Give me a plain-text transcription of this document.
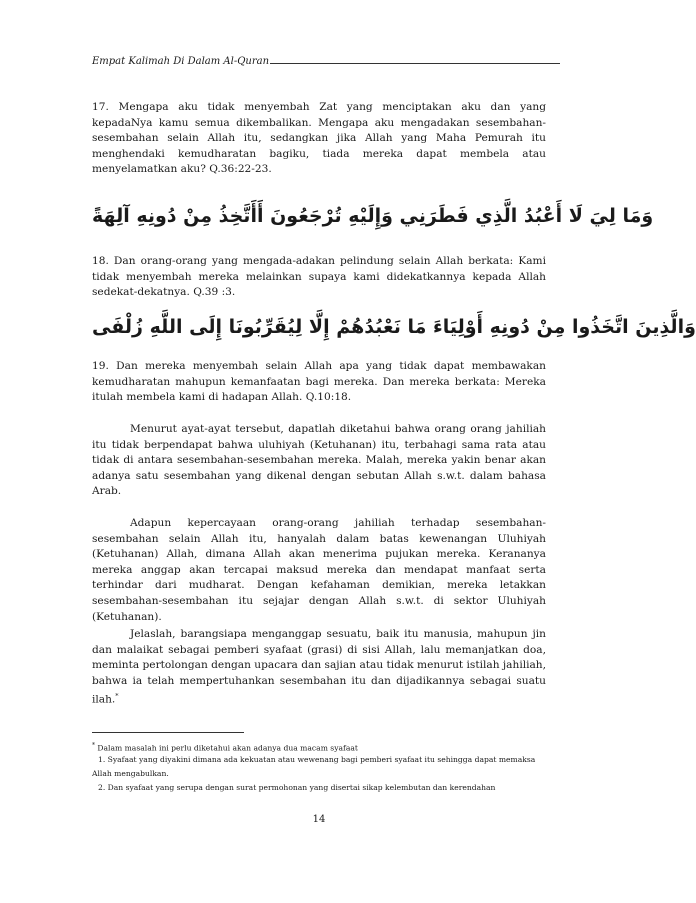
Empat Kalimah Di Dalam Al-Quran

17. Mengapa aku tidak menyembah Zat yang menciptakan aku dan yang kepadaNya kamu semua dikembalikan. Mengapa aku mengadakan sesembahan-sesembahan selain Allah itu, sedangkan jika Allah yang Maha Pemurah itu menghendaki kemudharatan bagiku, tiada mereka dapat membela atau menyelamatkan aku? Q.36:22-23.

ﻭَﻣَﺎ ﻟِﻲَ ﻟَﺎ ﺃَﻋْﺒُﺪُ ﺍﻟَّﺬِﻱ ﻓَﻄَﺮَﻧِﻲ ﻭَﺇِﻟَﻴْﻪِ ﺗُﺮْﺟَﻌُﻮﻥَ ﺃَﺃَﺗَّﺨِﺬُ ﻣِﻦْ ﺩُﻭﻧِﻪِ ﺁﻟِﻬَﺔً

18. Dan orang-orang yang mengada-adakan pelindung selain Allah berkata: Kami tidak menyembah mereka melainkan supaya kami didekatkannya kepada Allah sedekat-dekatnya. Q.39 :3.

ﻭَﺍﻟَّﺬِﻳﻦَ ﺍﺗَّﺨَﺬُﻭﺍ ﻣِﻦْ ﺩُﻭﻧِﻪِ ﺃَﻭْﻟِﻴَﺎﺀَ ﻣَﺎ ﻧَﻌْﺒُﺪُﻫُﻢْ ﺇِﻟَّﺎ ﻟِﻴُﻘَﺮِّﺑُﻮﻧَﺎ ﺇِﻟَﻰ ﺍﻟﻠَّﻪِ ﺯُﻟْﻔَﻰ

19. Dan mereka menyembah selain Allah apa yang tidak dapat membawakan kemudharatan mahupun kemanfaatan bagi mereka. Dan mereka berkata: Mereka itulah membela kami di hadapan Allah. Q.10:18.

Menurut ayat-ayat tersebut, dapatlah diketahui bahwa orang orang jahiliah itu tidak berpendapat bahwa uluhiyah (Ketuhanan) itu, terbahagi sama rata atau tidak di antara sesembahan-sesembahan mereka. Malah, mereka yakin benar akan adanya satu sesembahan yang dikenal dengan sebutan Allah s.w.t. dalam bahasa Arab.

Adapun kepercayaan orang-orang jahiliah terhadap sesembahan-sesembahan selain Allah itu, hanyalah dalam batas kewenangan Uluhiyah (Ketuhanan) Allah, dimana Allah akan menerima pujukan mereka. Kerananya mereka anggap akan tercapai maksud mereka dan mendapat manfaat serta terhindar dari mudharat. Dengan kefahaman demikian, mereka letakkan sesembahan-sesembahan itu sejajar dengan Allah s.w.t. di sektor Uluhiyah (Ketuhanan).

Jelaslah, barangsiapa menganggap sesuatu, baik itu manusia, mahupun jin dan malaikat sebagai pemberi syafaat (grasi) di sisi Allah, lalu memanjatkan doa, meminta pertolongan dengan upacara dan sajian atau tidak menurut istilah jahiliah, bahwa ia telah mempertuhankan sesembahan itu dan dijadikannya sebagai suatu ilah.*

* Dalam masalah ini perlu diketahui akan adanya dua macam syafaat

1. Syafaat yang diyakini dimana ada kekuatan atau wewenang bagi pemberi syafaat itu sehingga dapat memaksa Allah mengabulkan.

2. Dan syafaat yang serupa dengan surat permohonan yang disertai sikap kelembutan dan kerendahan

14
